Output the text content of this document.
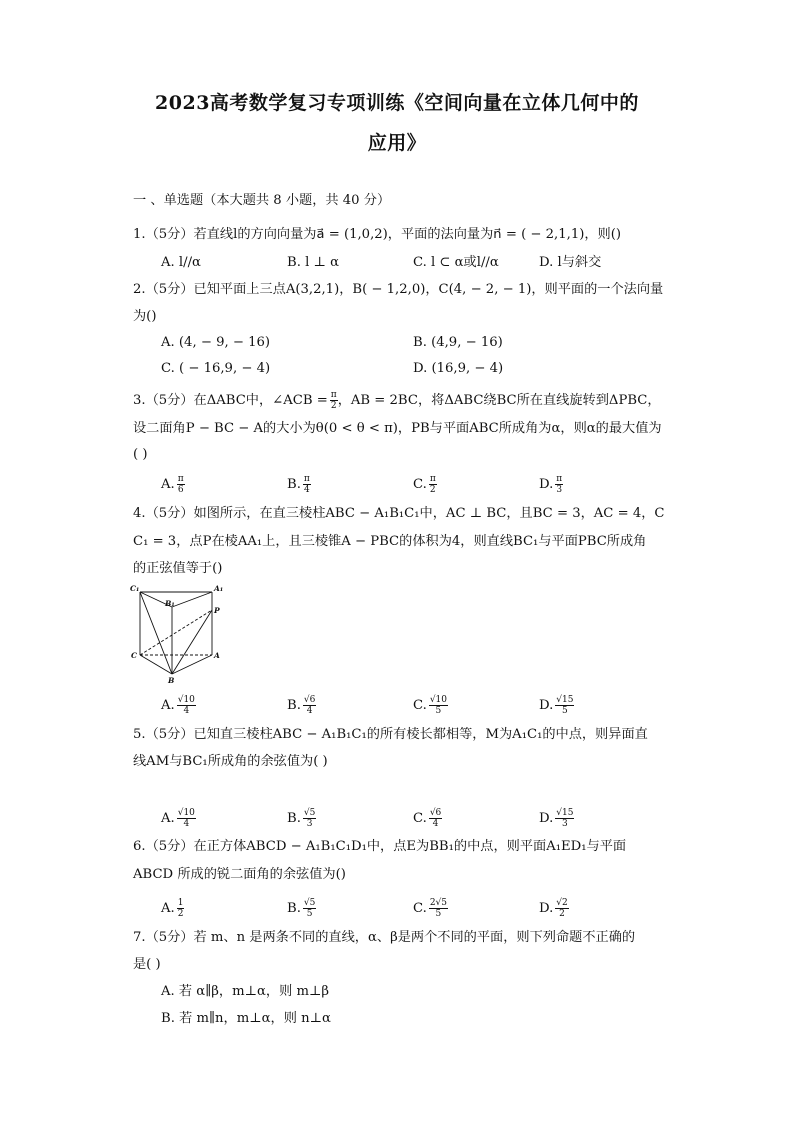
2023高考数学复习专项训练《空间向量在立体几何中的
应用》
一 、单选题（本大题共 8 小题，共 40 分）
1.（5分）若直线l的方向向量为a⃗ = (1,0,2)，平面的法向量为n⃗ = ( − 2,1,1)，则()
A. l//α	B. l ⊥ α	C. l ⊂ α或l//α	D. l与斜交
2.（5分）已知平面上三点A(3,2,1)，B( − 1,2,0)，C(4, − 2, − 1)，则平面的一个法向量
为()
A. (4, − 9, − 16)	B. (4,9, − 16)
C. ( − 16,9, − 4)	D. (16,9, − 4)
3.（5分）在ΔABC中，∠ACB = $\frac{\pi}{2}$ ，AB = 2BC，将ΔABC绕BC所在直线旋转到ΔPBC，
设二面角P − BC − A的大小为θ(0 < θ < π)，PB与平面ABC所成角为α，则α的最大值为
( )
A. $\frac{\pi}{6}$	B. $\frac{\pi}{4}$	C. $\frac{\pi}{2}$	D. $\frac{\pi}{3}$
4.（5分）如图所示，在直三棱柱ABC − A₁B₁C₁中，AC ⊥ BC，且BC = 3，AC = 4，C
C₁ = 3，点P在棱AA₁上，且三棱锥A − PBC的体积为4，则直线BC₁与平面PBC所成角
的正弦值等于()
C₁
B₁
A₁
P
C	A
B
A. $\frac{√10}{4}$	B. $\frac{√6}{4}$	C. $\frac{√10}{5}$	D. $\frac{√15}{5}$
5.（5分）已知直三棱柱ABC − A₁B₁C₁的所有棱长都相等，M为A₁C₁的中点，则异面直
线AM与BC₁所成角的余弦值为( )
A. $\frac{√10}{4}$	B. $\frac{√5}{3}$	C. $\frac{√6}{4}$	D. $\frac{√15}{3}$
6.（5分）在正方体ABCD − A₁B₁C₁D₁中，点E为BB₁的中点，则平面A₁ED₁与平面
ABCD 所成的锐二面角的余弦值为()
A. $\frac{1}{2}$	B. $\frac{√5}{5}$	C. $\frac{2√5}{5}$	D. $\frac{√2}{2}$
7.（5分）若 m、n 是两条不同的直线，α、β是两个不同的平面，则下列命题不正确的
是( )
A. 若 α∥β，m⊥α，则 m⊥β
B. 若 m∥n，m⊥α，则 n⊥α
